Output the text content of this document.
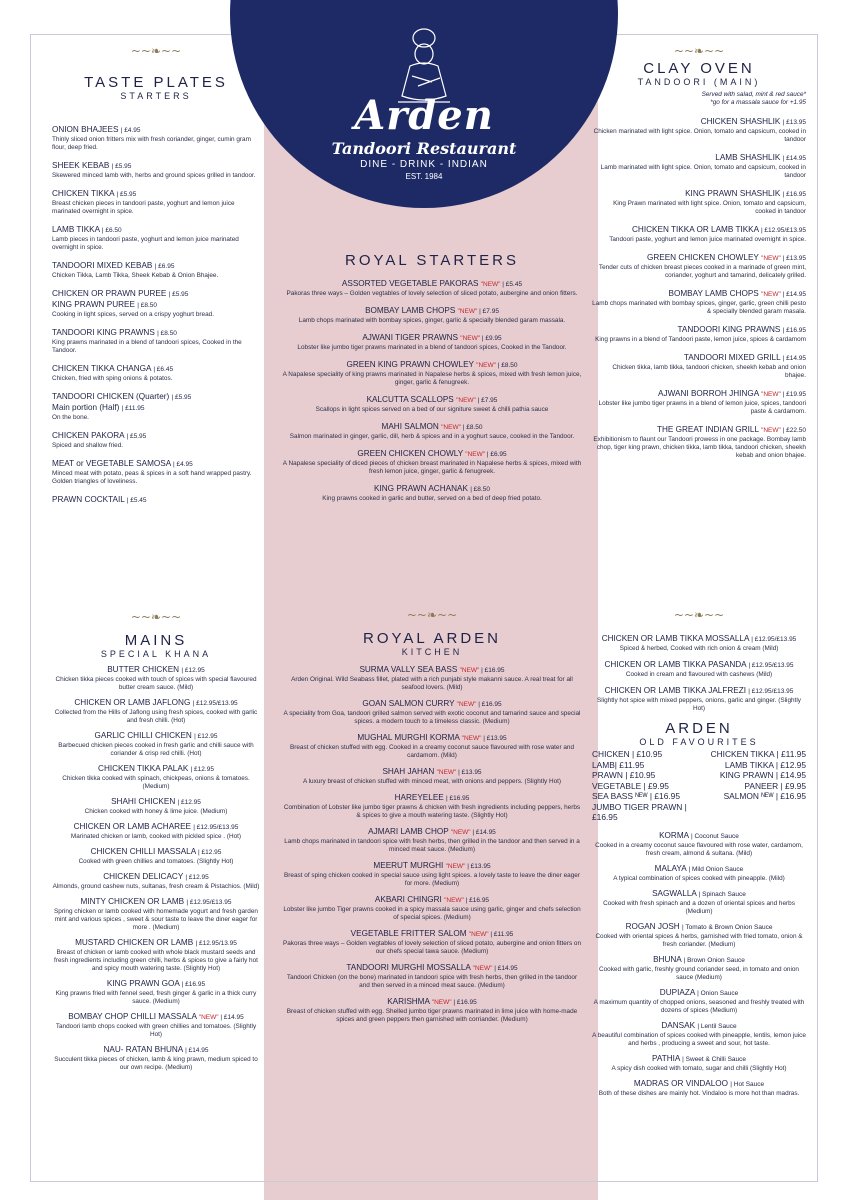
Arden
Tandoori Restaurant
DINE - DRINK - INDIAN
EST. 1984
~~❧~~
TASTE PLATES
STARTERS
ONION BHAJEES | £4.95
Thinly sliced onion fritters mix with fresh coriander, ginger, cumin gram flour, deep fried.
SHEEK KEBAB | £5.95
Skewered minced lamb with, herbs and ground spices grilled in tandoor.
CHICKEN TIKKA | £5.95
Breast chicken pieces in tandoori paste, yoghurt and lemon juice marinated overnight in spice.
LAMB TIKKA | £6.50
Lamb pieces in tandoori paste, yoghurt and lemon juice marinated overnight in spice.
TANDOORI MIXED KEBAB | £6.95
Chicken Tikka, Lamb Tikka, Sheek Kebab & Onion Bhajee.
CHICKEN OR PRAWN PUREE | £5.95
KING PRAWN PUREE | £8.50
Cooking in light spices, served on a crispy yoghurt bread.
TANDOORI KING PRAWNS | £8.50
King prawns marinated in a blend of tandoori spices, Cooked in the Tandoor.
CHICKEN TIKKA CHANGA | £6.45
Chicken, fried with sping onions & potatos.
TANDOORI CHICKEN (Quarter) | £5.95
Main portion (Half) | £11.95
On the bone.
CHICKEN PAKORA | £5.95
Spiced and shallow fried.
MEAT or VEGETABLE SAMOSA | £4.95
Minced meat with potato, peas & spices in a soft hand wrapped pastry. Golden triangles of loveliness.
PRAWN COCKTAIL | £5.45
~~❧~~
MAINS
SPECIAL KHANA
BUTTER CHICKEN | £12.95
Chicken tikka pieces cooked with touch of spices with special flavoured butter cream sauce. (Mild)
CHICKEN OR LAMB JAFLONG | £12.95/£13.95
Collected from the Hills of Jaflong using fresh spices, cooked with garlic and fresh chilli. (Hot)
GARLIC CHILLI CHICKEN | £12.95
Barbecued chicken pieces cooked in fresh garlic and chilli sauce with coriander & crisp red chilli. (Hot)
CHICKEN TIKKA PALAK | £12.95
Chicken tikka cooked with spinach, chickpeas, onions & tomatoes. (Medium)
SHAHI CHICKEN | £12.95
Chicken cooked with honey & lime juice. (Medium)
CHICKEN OR LAMB ACHAREE | £12.95/£13.95
Marinated chicken or lamb, cooked with pickled spice . (Hot)
CHICKEN CHILLI MASSALA | £12.95
Cooked with green chillies and tomatoes. (Slightly Hot)
CHICKEN DELICACY | £12.95
Almonds, ground cashew nuts, sultanas, fresh cream & Pistachios. (Mild)
MINTY CHICKEN OR LAMB | £12.95/£13.95
Spring chicken or lamb cooked with homemade yogurt and fresh garden mint and various spices , sweet & sour taste to leave the diner eager for more . (Medium)
MUSTARD CHICKEN OR LAMB | £12.95/13.95
Breast of chicken or lamb cooked with whole black mustard seeds and fresh ingredients including green chilli, herbs & spices to give a fairly hot and spicy mouth watering taste. (Slightly Hot)
KING PRAWN GOA | £16.95
King prawns fried with fennel seed, fresh ginger & garlic in a thick curry sauce. (Medium)
BOMBAY CHOP CHILLI MASSALA "NEW" | £14.95
Tandoori lamb chops cooked with green chillies and tomatoes. (Slightly Hot)
NAU- RATAN BHUNA | £14.95
Succulent tikka pieces of chicken, lamb & king prawn, medium spiced to our own recipe. (Medium)
ROYAL STARTERS
ASSORTED VEGETABLE PAKORAS "NEW" | £5.45
Pakoras three ways – Golden vegtables of lovely selection of sliced potato, aubergine and onion fitters.
BOMBAY LAMB CHOPS "NEW" | £7.95
Lamb chops marinated with bombay spices, ginger, garlic & specially blended garam massala.
AJWANI TIGER PRAWNS "NEW" | £9.95
Lobster like jumbo tiger prawns marinated in a blend of tandoori spices, Cooked in the Tandoor.
GREEN KING PRAWN CHOWLEY "NEW" | £8.50
A Napalese speciality of king prawns marinated in Napalese herbs & spices, mixed with fresh lemon juice, ginger, garlic & fenugreek.
KALCUTTA SCALLOPS "NEW" | £7.95
Scallops in light spices served on a bed of our signiture sweet & chilli pathia sauce
MAHI SALMON "NEW" | £8.50
Salmon marinated in ginger, garlic, dill, herb & spices and in a yoghurt sauce, cooked in the Tandoor.
GREEN CHICKEN CHOWLY "NEW" | £6.95
A Napalese speciality of diced pieces of chicken breast marinated in Napalese herbs & spices, mixed with fresh lemon juice, ginger, garlic & fenugreek.
KING PRAWN ACHANAK | £8.50
King prawns cooked in garlic and butter, served on a bed of deep fried potato.
~~❧~~
ROYAL ARDEN
KITCHEN
SURMA VALLY SEA BASS "NEW" | £16.95
Arden Original. Wild Seabass fillet, plated with a rich punjabi style makanni sauce. A real treat for all seafood lovers. (Mild)
GOAN SALMON CURRY "NEW" | £16.95
A speciality from Goa, tandoori grilled salmon served with exotic coconut and tamarind sauce and special spices. a modern touch to a timeless classic. (Medium)
MUGHAL MURGHI KORMA "NEW" | £13.95
Breast of chicken stuffed with egg. Cooked in a creamy coconut sauce flavoured with rose water and cardamom. (Mild)
SHAH JAHAN "NEW" | £13.95
A luxury breast of chicken stuffed with minced meat, with onions and peppers. (Slightly Hot)
HAREYELEE | £16.95
Combination of Lobster like jumbo tiger prawns & chicken with fresh ingredients including peppers, herbs & spices to give a mouth watering taste. (Slightly Hot)
AJMARI LAMB CHOP "NEW" | £14.95
Lamb chops marinated in tandoori spice with fresh herbs, then grilled in the tandoor and then served in a minced meat sauce. (Medium)
MEERUT MURGHI "NEW" | £13.95
Breast of sping chicken cooked in special sauce using light spices. a lovely taste to leave the diner eager for more. (Medium)
AKBARI CHINGRI "NEW" | £16.95
Lobster like jumbo Tiger prawns cooked in a spicy massala sauce using garlic, ginger and chefs selection of special spices. (Medium)
VEGETABLE FRITTER SALOM "NEW" | £11.95
Pakoras three ways – Golden vegtables of lovely selection of sliced potato, aubergine and onion fitters on our chefs special tawa sauce. (Medium)
TANDOORI MURGHI MOSSALLA "NEW" | £14.95
Tandoori Chicken (on the bone) marinated in tandoori spice with fresh herbs, then grilled in the tandoor and then served in a minced meat sauce. (Medium)
KARISHMA "NEW" | £16.95
Breast of chicken stuffed with egg. Shelled jumbo tiger prawns marinated in lime juice with home-made spices and green peppers then garnished with corriander. (Medium)
~~❧~~
CLAY OVEN
TANDOORI (MAIN)
Served with salad, mint & red sauce*
*go for a massala sauce for +1.95
CHICKEN SHASHLIK | £13.95
Chicken marinated with light spice. Onion, tomato and capsicum, cooked in tandoor
LAMB SHASHLIK | £14.95
Lamb marinated with light spice. Onion, tomato and capsicum, cooked in tandoor
KING PRAWN SHASHLIK | £16.95
King Prawn marinated with light spice. Onion, tomato and capsicum, cooked in tandoor
CHICKEN TIKKA OR LAMB TIKKA | £12.95/£13.95
Tandoori paste, yoghurt and lemon juice marinated overnight in spice.
GREEN CHICKEN CHOWLEY "NEW" | £13.95
Tender cuts of chicken breast pieces cooked in a marinade of green mint, coriander, yoghurt and tamarind, delicately grilled.
BOMBAY LAMB CHOPS "NEW" | £14.95
Lamb chops marinated with bombay spices, ginger, garlic, green chilli pesto & specially blended garam masala.
TANDOORI KING PRAWNS | £16.95
King prawns in a blend of Tandoori paste, lemon juice, spices & cardamom
TANDOORI MIXED GRILL | £14.95
Chicken tikka, lamb tikka, tandoori chicken, sheekh kebab and onion bhajee.
AJWANI BORROH JHINGA "NEW" | £19.95
Lobster like jumbo tiger prawns in a blend of lemon juice, spices, tandoori paste & cardamom.
THE GREAT INDIAN GRILL "NEW" | £22.50
Exhibitionism to flaunt our Tandoori prowess in one package. Bombay lamb chop, tiger king prawn, chicken tikka, lamb tikka, tandoori chicken, sheekh kebab and onion bhajee.
~~❧~~
CHICKEN OR LAMB TIKKA MOSSALLA | £12.95/£13.95
Spiced & herbed, Cooked with rich onion & cream (Mild)
CHICKEN OR LAMB TIKKA PASANDA | £12.95/£13.95
Cooked in cream and flavoured with cashews (Mild)
CHICKEN OR LAMB TIKKA JALFREZI | £12.95/£13.95
Slightly hot spice with mixed peppers, onions, garlic and ginger. (Slightly Hot)
ARDEN
OLD FAVOURITES
CHICKEN | £10.95	CHICKEN TIKKA | £11.95
LAMB| £11.95	LAMB TIKKA | £12.95
PRAWN | £10.95	KING PRAWN | £14.95
VEGETABLE | £9.95	PANEER | £9.95
SEA BASS ᴺᴱᵂ | £16.95	SALMON ᴺᴱᵂ | £16.95
JUMBO TIGER PRAWN | £16.95
KORMA | Coconut Sauce
Cooked in a creamy coconut sauce flavoured with rose water, cardamom, fresh cream, almond & sultana. (Mild)
MALAYA | Mild Onion Sauce
A typical combination of spices cooked with pineapple. (Mild)
SAGWALLA | Spinach Sauce
Cooked with fresh spinach and a dozen of oriental spices and herbs (Medium)
ROGAN JOSH | Tomato & Brown Onion Sauce
Cooked with oriental spices & herbs, garnished with fried tomato, onion & fresh coriander. (Medium)
BHUNA | Brown Onion Sauce
Cooked with garlic, freshly ground coriander seed, in tomato and onion sauce (Medium)
DUPIAZA | Onion Sauce
A maximum quantity of chopped onions, seasoned and freshly treated with dozens of spices (Medium)
DANSAK | Lentil Sauce
A beautiful combination of spices cooked with pineapple, lentils, lemon juice and herbs , producing a sweet and sour, hot taste.
PATHIA | Sweet & Chilli Sauce
A spicy dish cooked with tomato, sugar and chilli (Slightly Hot)
MADRAS OR VINDALOO | Hot Sauce
Both of these dishes are mainly hot. Vindaloo is more hot than madras.
